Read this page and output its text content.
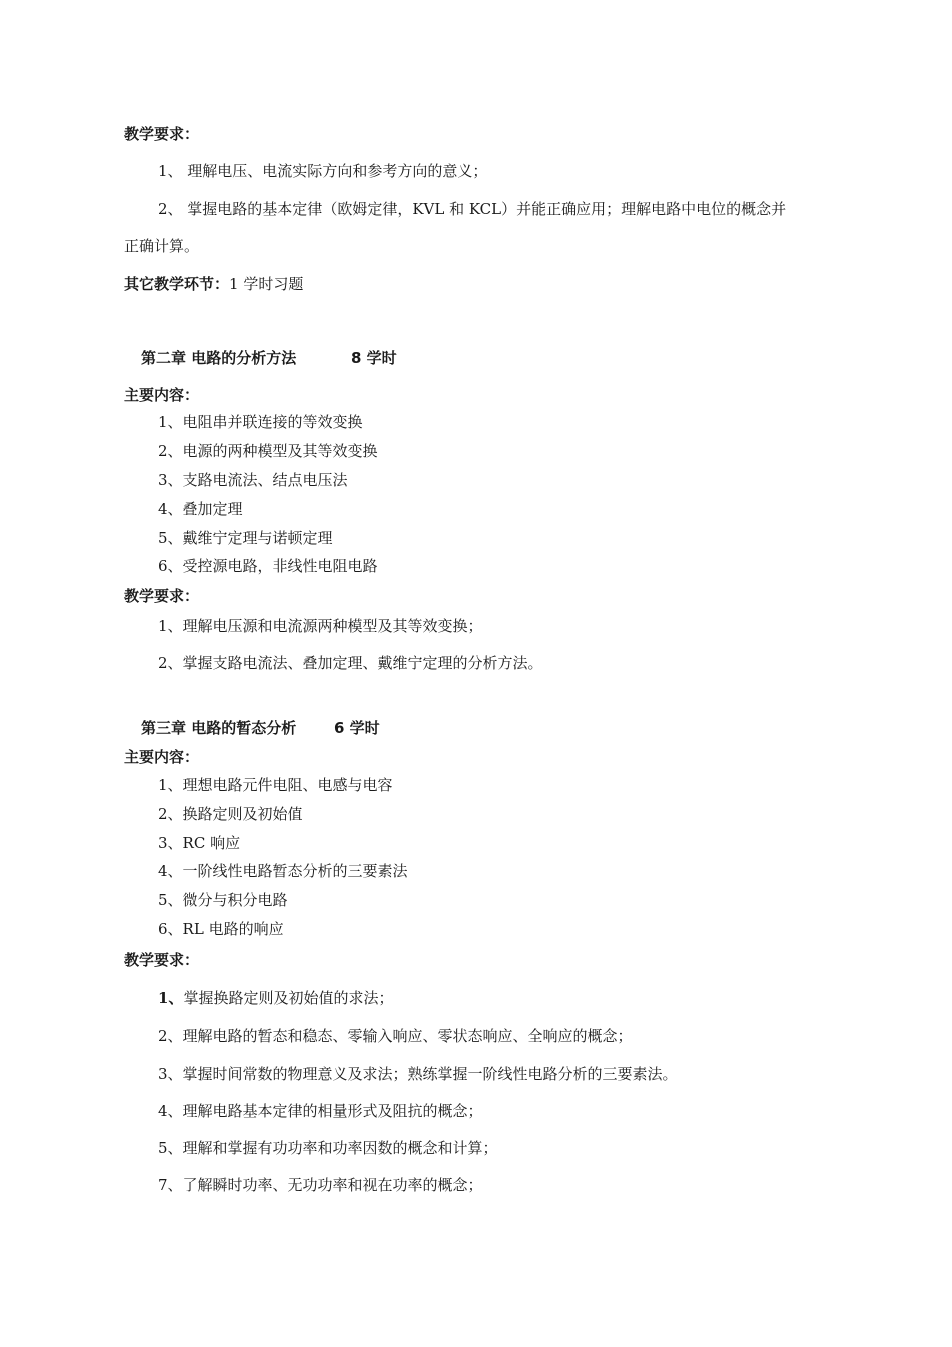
教学要求：
1、 理解电压、电流实际方向和参考方向的意义；
2、 掌握电路的基本定律（欧姆定律，KVL 和 KCL）并能正确应用；理解电路中电位的概念并
正确计算。
其它教学环节：1 学时习题
第二章 电路的分析方法	8 学时
主要内容：
1、电阻串并联连接的等效变换
2、电源的两种模型及其等效变换
3、支路电流法、结点电压法
4、叠加定理
5、戴维宁定理与诺顿定理
6、受控源电路，非线性电阻电路
教学要求：
1、理解电压源和电流源两种模型及其等效变换；
2、掌握支路电流法、叠加定理、戴维宁定理的分析方法。
第三章 电路的暂态分析	6 学时
主要内容：
1、理想电路元件电阻、电感与电容
2、换路定则及初始值
3、RC 响应
4、一阶线性电路暂态分析的三要素法
5、微分与积分电路
6、RL 电路的响应
教学要求：
1、掌握换路定则及初始值的求法；
2、理解电路的暂态和稳态、零输入响应、零状态响应、全响应的概念；
3、掌握时间常数的物理意义及求法；熟练掌握一阶线性电路分析的三要素法。
4、理解电路基本定律的相量形式及阻抗的概念；
5、理解和掌握有功功率和功率因数的概念和计算；
7、了解瞬时功率、无功功率和视在功率的概念；
